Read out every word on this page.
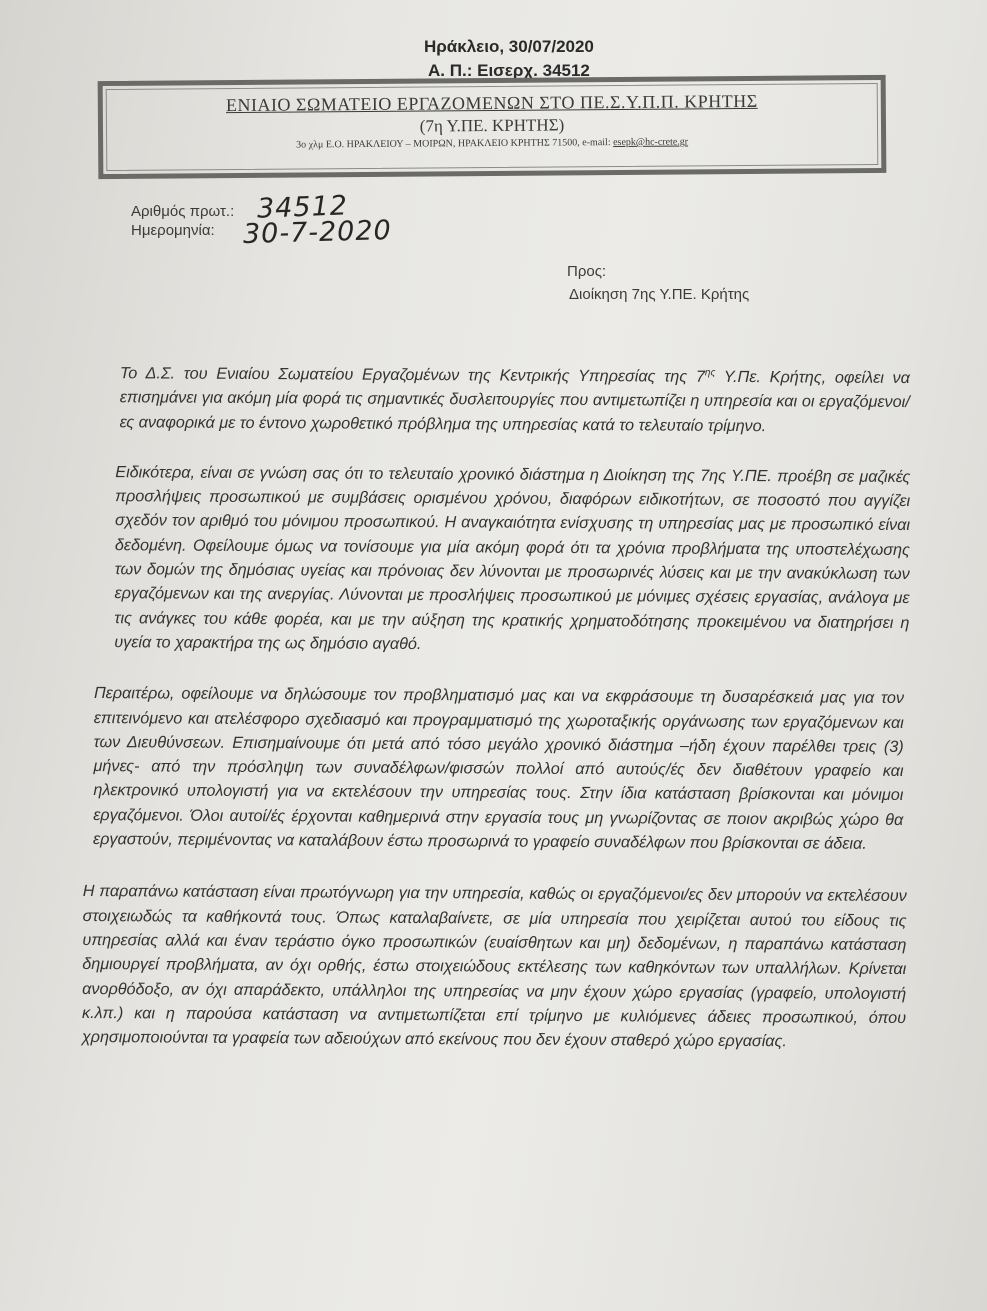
Ηράκλειο, 30/07/2020
Α. Π.: Εισερχ. 34512
ΕΝΙΑΙΟ ΣΩΜΑΤΕΙΟ ΕΡΓΑΖΟΜΕΝΩΝ ΣΤΟ ΠΕ.Σ.Υ.Π.Π. ΚΡΗΤΗΣ
(7η Υ.ΠΕ. ΚΡΗΤΗΣ)
3ο χλμ Ε.Ο. ΗΡΑΚΛΕΙΟΥ – ΜΟΙΡΩΝ, ΗΡΑΚΛΕΙΟ ΚΡΗΤΗΣ 71500, e-mail: esepk@hc-crete.gr
Αριθμός πρωτ.:
Ημερομηνία:
34512
30-7-2020
Προς:
Διοίκηση 7ης Υ.ΠΕ. Κρήτης

Το Δ.Σ. του Ενιαίου Σωματείου Εργαζομένων της Κεντρικής Υπηρεσίας της $7^{\eta\varsigma}$ Υ.Πε. Κρήτης, οφείλει να επισημάνει για ακόμη μία φορά τις σημαντικές δυσλειτουργίες που αντιμετωπίζει η υπηρεσία και οι εργαζόμενοι/ες αναφορικά με το έντονο χωροθετικό πρόβλημα της υπηρεσίας κατά το τελευταίο τρίμηνο.

Ειδικότερα, είναι σε γνώση σας ότι το τελευταίο χρονικό διάστημα η Διοίκηση της 7ης Υ.ΠΕ. προέβη σε μαζικές προσλήψεις προσωπικού με συμβάσεις ορισμένου χρόνου, διαφόρων ειδικοτήτων, σε ποσοστό που αγγίζει σχεδόν τον αριθμό του μόνιμου προσωπικού. Η αναγκαιότητα ενίσχυσης τη υπηρεσίας μας με προσωπικό είναι δεδομένη. Οφείλουμε όμως να τονίσουμε για μία ακόμη φορά ότι τα χρόνια προβλήματα της υποστελέχωσης των δομών της δημόσιας υγείας και πρόνοιας δεν λύνονται με προσωρινές λύσεις και με την ανακύκλωση των εργαζόμενων και της ανεργίας. Λύνονται με προσλήψεις προσωπικού με μόνιμες σχέσεις εργασίας, ανάλογα με τις ανάγκες του κάθε φορέα, και με την αύξηση της κρατικής χρηματοδότησης προκειμένου να διατηρήσει η υγεία το χαρακτήρα της ως δημόσιο αγαθό.

Περαιτέρω, οφείλουμε να δηλώσουμε τον προβληματισμό μας και να εκφράσουμε τη δυσαρέσκειά μας για τον επιτεινόμενο και ατελέσφορο σχεδιασμό και προγραμματισμό της χωροταξικής οργάνωσης των εργαζόμενων και των Διευθύνσεων. Επισημαίνουμε ότι μετά από τόσο μεγάλο χρονικό διάστημα –ήδη έχουν παρέλθει τρεις (3) μήνες- από την πρόσληψη των συναδέλφων/φισσών πολλοί από αυτούς/ές δεν διαθέτουν γραφείο και ηλεκτρονικό υπολογιστή για να εκτελέσουν την υπηρεσίας τους. Στην ίδια κατάσταση βρίσκονται και μόνιμοι εργαζόμενοι. Όλοι αυτοί/ές έρχονται καθημερινά στην εργασία τους μη γνωρίζοντας σε ποιον ακριβώς χώρο θα εργαστούν, περιμένοντας να καταλάβουν έστω προσωρινά το γραφείο συναδέλφων που βρίσκονται σε άδεια.

Η παραπάνω κατάσταση είναι πρωτόγνωρη για την υπηρεσία, καθώς οι εργαζόμενοι/ες δεν μπορούν να εκτελέσουν στοιχειωδώς τα καθήκοντά τους. Όπως καταλαβαίνετε, σε μία υπηρεσία που χειρίζεται αυτού του είδους τις υπηρεσίας αλλά και έναν τεράστιο όγκο προσωπικών (ευαίσθητων και μη) δεδομένων, η παραπάνω κατάσταση δημιουργεί προβλήματα, αν όχι ορθής, έστω στοιχειώδους εκτέλεσης των καθηκόντων των υπαλλήλων. Κρίνεται ανορθόδοξο, αν όχι απαράδεκτο, υπάλληλοι της υπηρεσίας να μην έχουν χώρο εργασίας (γραφείο, υπολογιστή κ.λπ.) και η παρούσα κατάσταση να αντιμετωπίζεται επί τρίμηνο με κυλιόμενες άδειες προσωπικού, όπου χρησιμοποιούνται τα γραφεία των αδειούχων από εκείνους που δεν έχουν σταθερό χώρο εργασίας.
